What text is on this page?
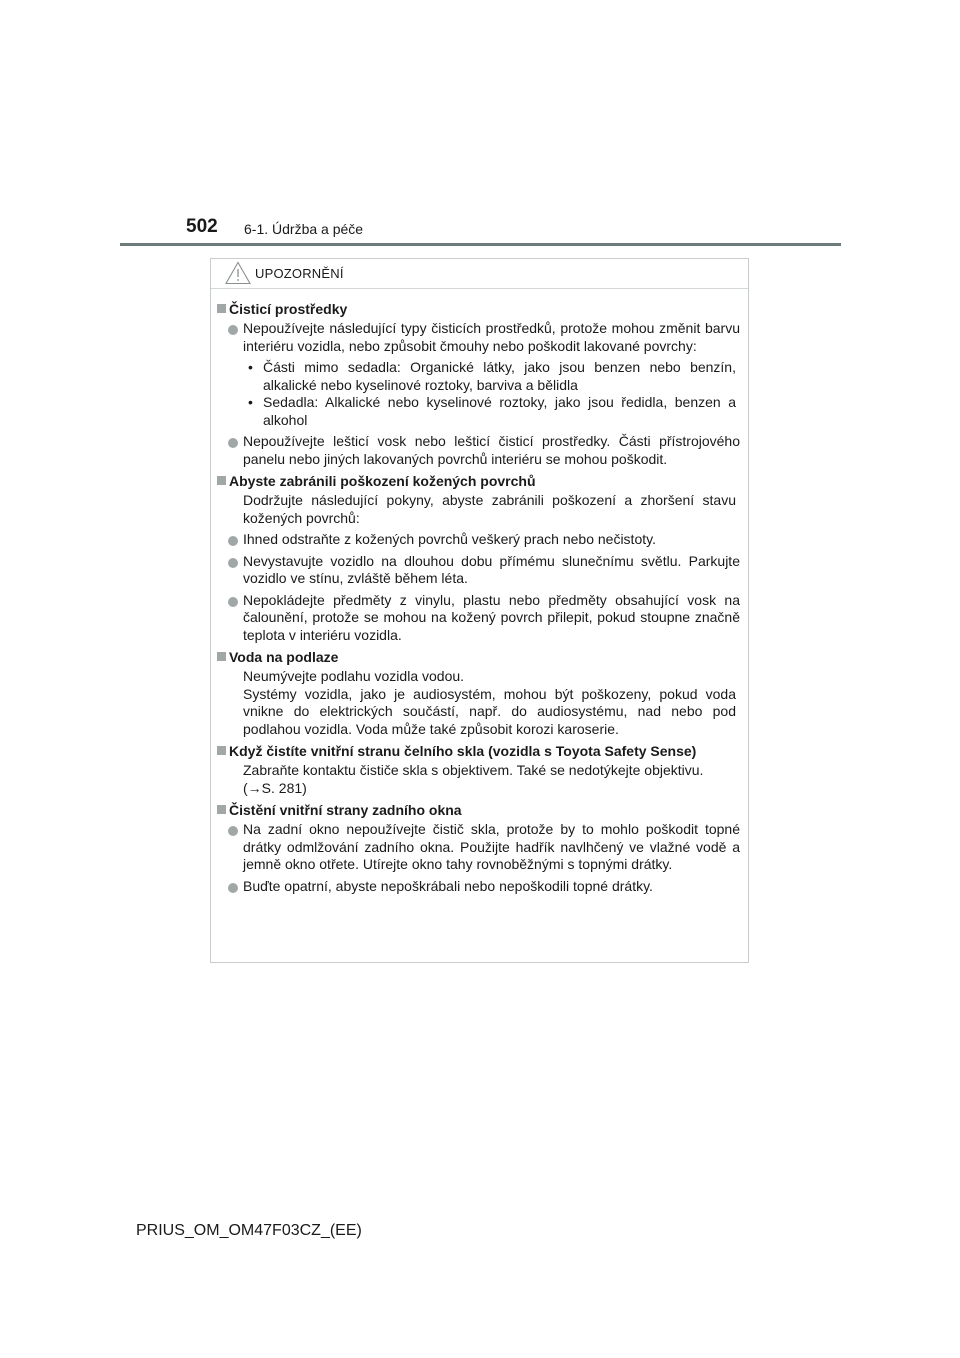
502 6-1. Údržba a péče
UPOZORNĚNÍ
Čisticí prostředky
Nepoužívejte následující typy čisticích prostředků, protože mohou změnit barvu interiéru vozidla, nebo způsobit čmouhy nebo poškodit lakované povrchy:
• Části mimo sedadla: Organické látky, jako jsou benzen nebo benzín, alkalické nebo kyselinové roztoky, barviva a bělidla
• Sedadla: Alkalické nebo kyselinové roztoky, jako jsou ředidla, benzen a alkohol
Nepoužívejte lešticí vosk nebo lešticí čisticí prostředky. Části přístrojového panelu nebo jiných lakovaných povrchů interiéru se mohou poškodit.
Abyste zabránili poškození kožených povrchů
Dodržujte následující pokyny, abyste zabránili poškození a zhoršení stavu kožených povrchů:
Ihned odstraňte z kožených povrchů veškerý prach nebo nečistoty.
Nevystavujte vozidlo na dlouhou dobu přímému slunečnímu světlu. Parkujte vozidlo ve stínu, zvláště během léta.
Nepokládejte předměty z vinylu, plastu nebo předměty obsahující vosk na čalounění, protože se mohou na kožený povrch přilepit, pokud stoupne značně teplota v interiéru vozidla.
Voda na podlaze
Neumývejte podlahu vozidla vodou.
Systémy vozidla, jako je audiosystém, mohou být poškozeny, pokud voda vnikne do elektrických součástí, např. do audiosystému, nad nebo pod podlahou vozidla. Voda může také způsobit korozi karoserie.
Když čistíte vnitřní stranu čelního skla (vozidla s Toyota Safety Sense)
Zabraňte kontaktu čističe skla s objektivem. Také se nedotýkejte objektivu.
(→S. 281)
Čistění vnitřní strany zadního okna
Na zadní okno nepoužívejte čistič skla, protože by to mohlo poškodit topné drátky odmlžování zadního okna. Použijte hadřík navlhčený ve vlažné vodě a jemně okno otřete. Utírejte okno tahy rovnoběžnými s topnými drátky.
Buďte opatrní, abyste nepoškrábali nebo nepoškodili topné drátky.
PRIUS_OM_OM47F03CZ_(EE)
